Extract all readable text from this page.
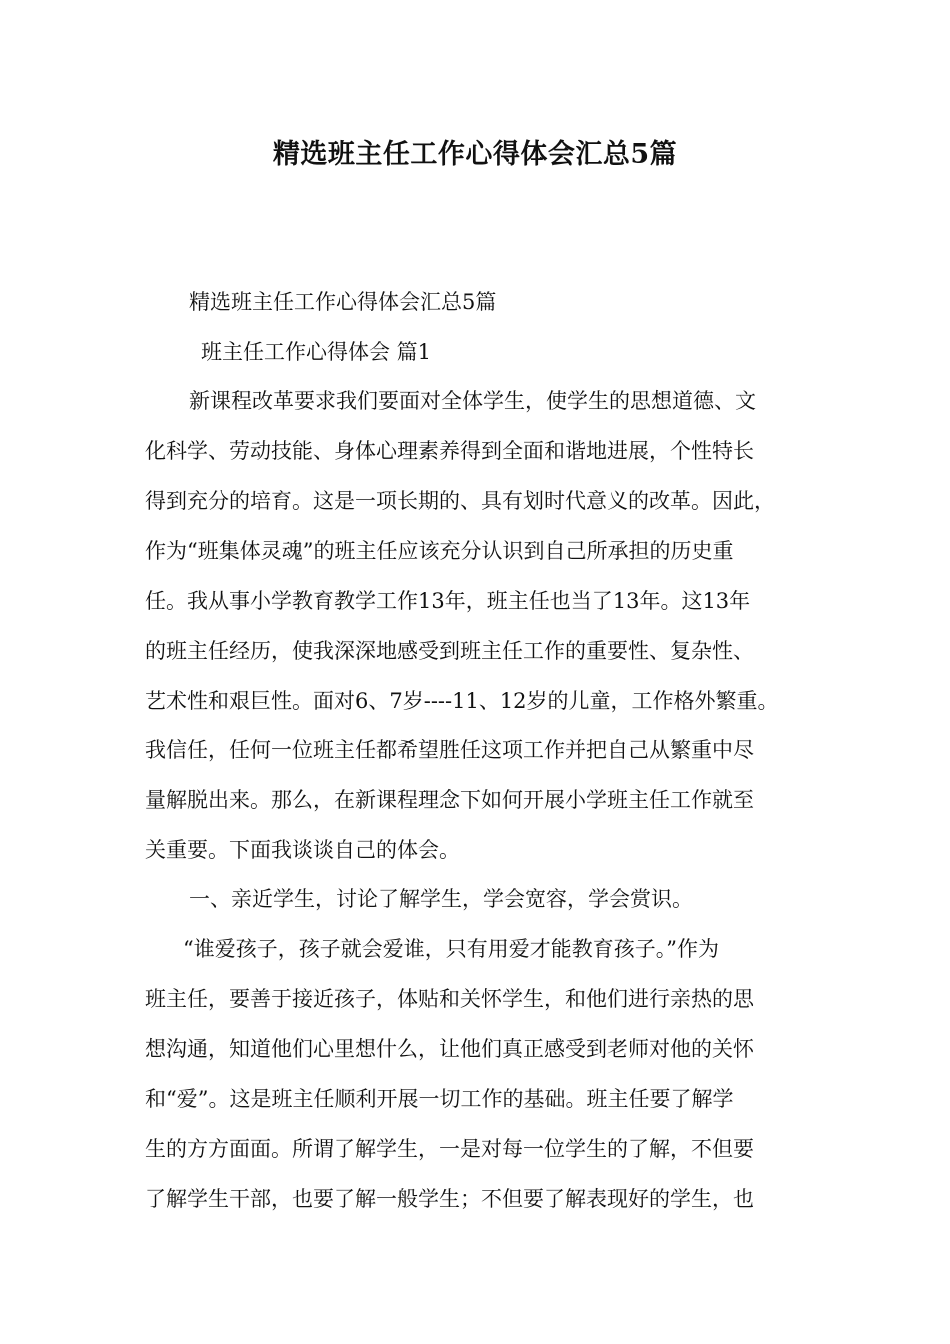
精选班主任工作心得体会汇总5篇

精选班主任工作心得体会汇总5篇

班主任工作心得体会 篇1

新课程改革要求我们要面对全体学生，使学生的思想道德、文

化科学、劳动技能、身体心理素养得到全面和谐地进展，个性特长

得到充分的培育。这是一项长期的、具有划时代意义的改革。因此，

作为“班集体灵魂”的班主任应该充分认识到自己所承担的历史重

任。我从事小学教育教学工作13年，班主任也当了13年。这13年

的班主任经历，使我深深地感受到班主任工作的重要性、复杂性、

艺术性和艰巨性。面对6、7岁----11、12岁的儿童，工作格外繁重。

我信任，任何一位班主任都希望胜任这项工作并把自己从繁重中尽

量解脱出来。那么，在新课程理念下如何开展小学班主任工作就至

关重要。下面我谈谈自己的体会。

一、亲近学生，讨论了解学生，学会宽容，学会赏识。

“谁爱孩子，孩子就会爱谁，只有用爱才能教育孩子。”作为

班主任，要善于接近孩子，体贴和关怀学生，和他们进行亲热的思

想沟通，知道他们心里想什么，让他们真正感受到老师对他的关怀

和“爱”。这是班主任顺利开展一切工作的基础。班主任要了解学

生的方方面面。所谓了解学生，一是对每一位学生的了解，不但要

了解学生干部，也要了解一般学生；不但要了解表现好的学生，也
